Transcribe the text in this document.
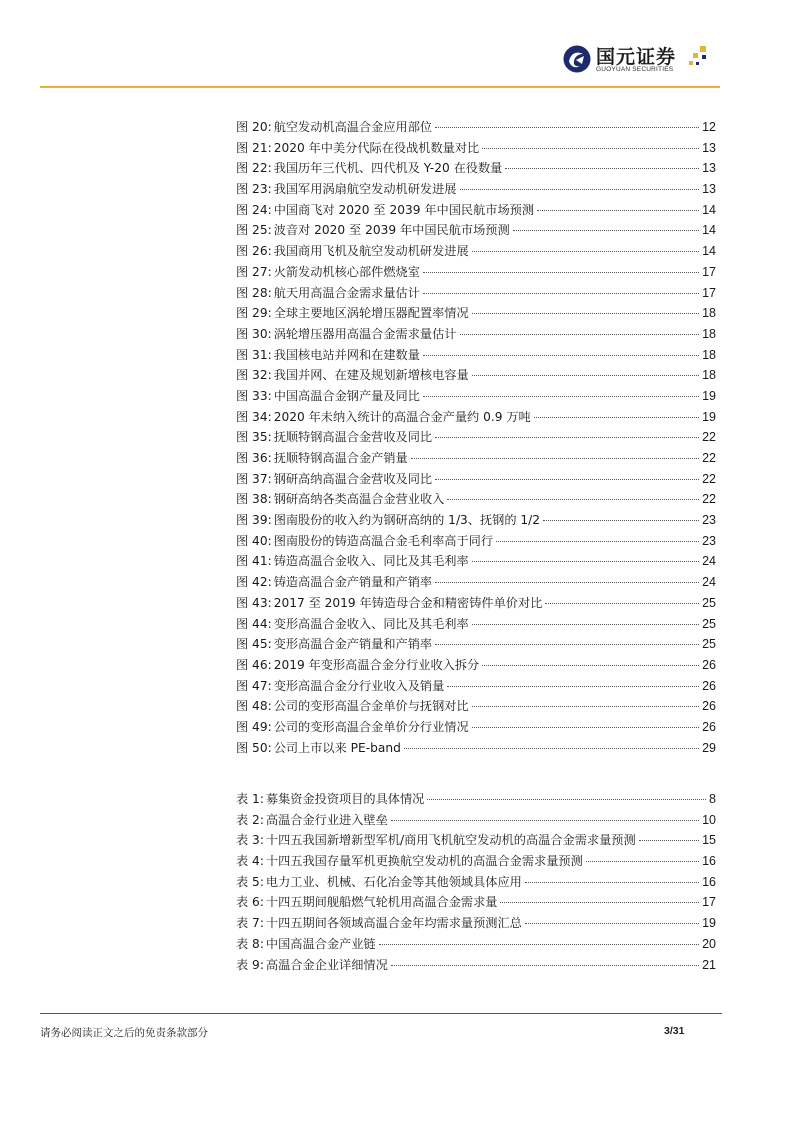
国元证券
GUOYUAN SECURITIES
图 20: 航空发动机高温合金应用部位	12
图 21: 2020 年中美分代际在役战机数量对比	13
图 22: 我国历年三代机、四代机及 Y-20 在役数量	13
图 23: 我国军用涡扇航空发动机研发进展	13
图 24: 中国商飞对 2020 至 2039 年中国民航市场预测	14
图 25: 波音对 2020 至 2039 年中国民航市场预测	14
图 26: 我国商用飞机及航空发动机研发进展	14
图 27: 火箭发动机核心部件燃烧室	17
图 28: 航天用高温合金需求量估计	17
图 29: 全球主要地区涡轮增压器配置率情况	18
图 30: 涡轮增压器用高温合金需求量估计	18
图 31: 我国核电站并网和在建数量	18
图 32: 我国并网、在建及规划新增核电容量	18
图 33: 中国高温合金钢产量及同比	19
图 34: 2020 年未纳入统计的高温合金产量约 0.9 万吨	19
图 35: 抚顺特钢高温合金营收及同比	22
图 36: 抚顺特钢高温合金产销量	22
图 37: 钢研高纳高温合金营收及同比	22
图 38: 钢研高纳各类高温合金营业收入	22
图 39: 图南股份的收入约为钢研高纳的 1/3、抚钢的 1/2	23
图 40: 图南股份的铸造高温合金毛利率高于同行	23
图 41: 铸造高温合金收入、同比及其毛利率	24
图 42: 铸造高温合金产销量和产销率	24
图 43: 2017 至 2019 年铸造母合金和精密铸件单价对比	25
图 44: 变形高温合金收入、同比及其毛利率	25
图 45: 变形高温合金产销量和产销率	25
图 46: 2019 年变形高温合金分行业收入拆分	26
图 47: 变形高温合金分行业收入及销量	26
图 48: 公司的变形高温合金单价与抚钢对比	26
图 49: 公司的变形高温合金单价分行业情况	26
图 50: 公司上市以来 PE-band	29
表 1: 募集资金投资项目的具体情况	8
表 2: 高温合金行业进入壁垒	10
表 3: 十四五我国新增新型军机/商用飞机航空发动机的高温合金需求量预测	15
表 4: 十四五我国存量军机更换航空发动机的高温合金需求量预测	16
表 5: 电力工业、机械、石化冶金等其他领域具体应用	16
表 6: 十四五期间舰船燃气轮机用高温合金需求量	17
表 7: 十四五期间各领域高温合金年均需求量预测汇总	19
表 8: 中国高温合金产业链	20
表 9: 高温合金企业详细情况	21
请务必阅读正文之后的免责条款部分	3/31
